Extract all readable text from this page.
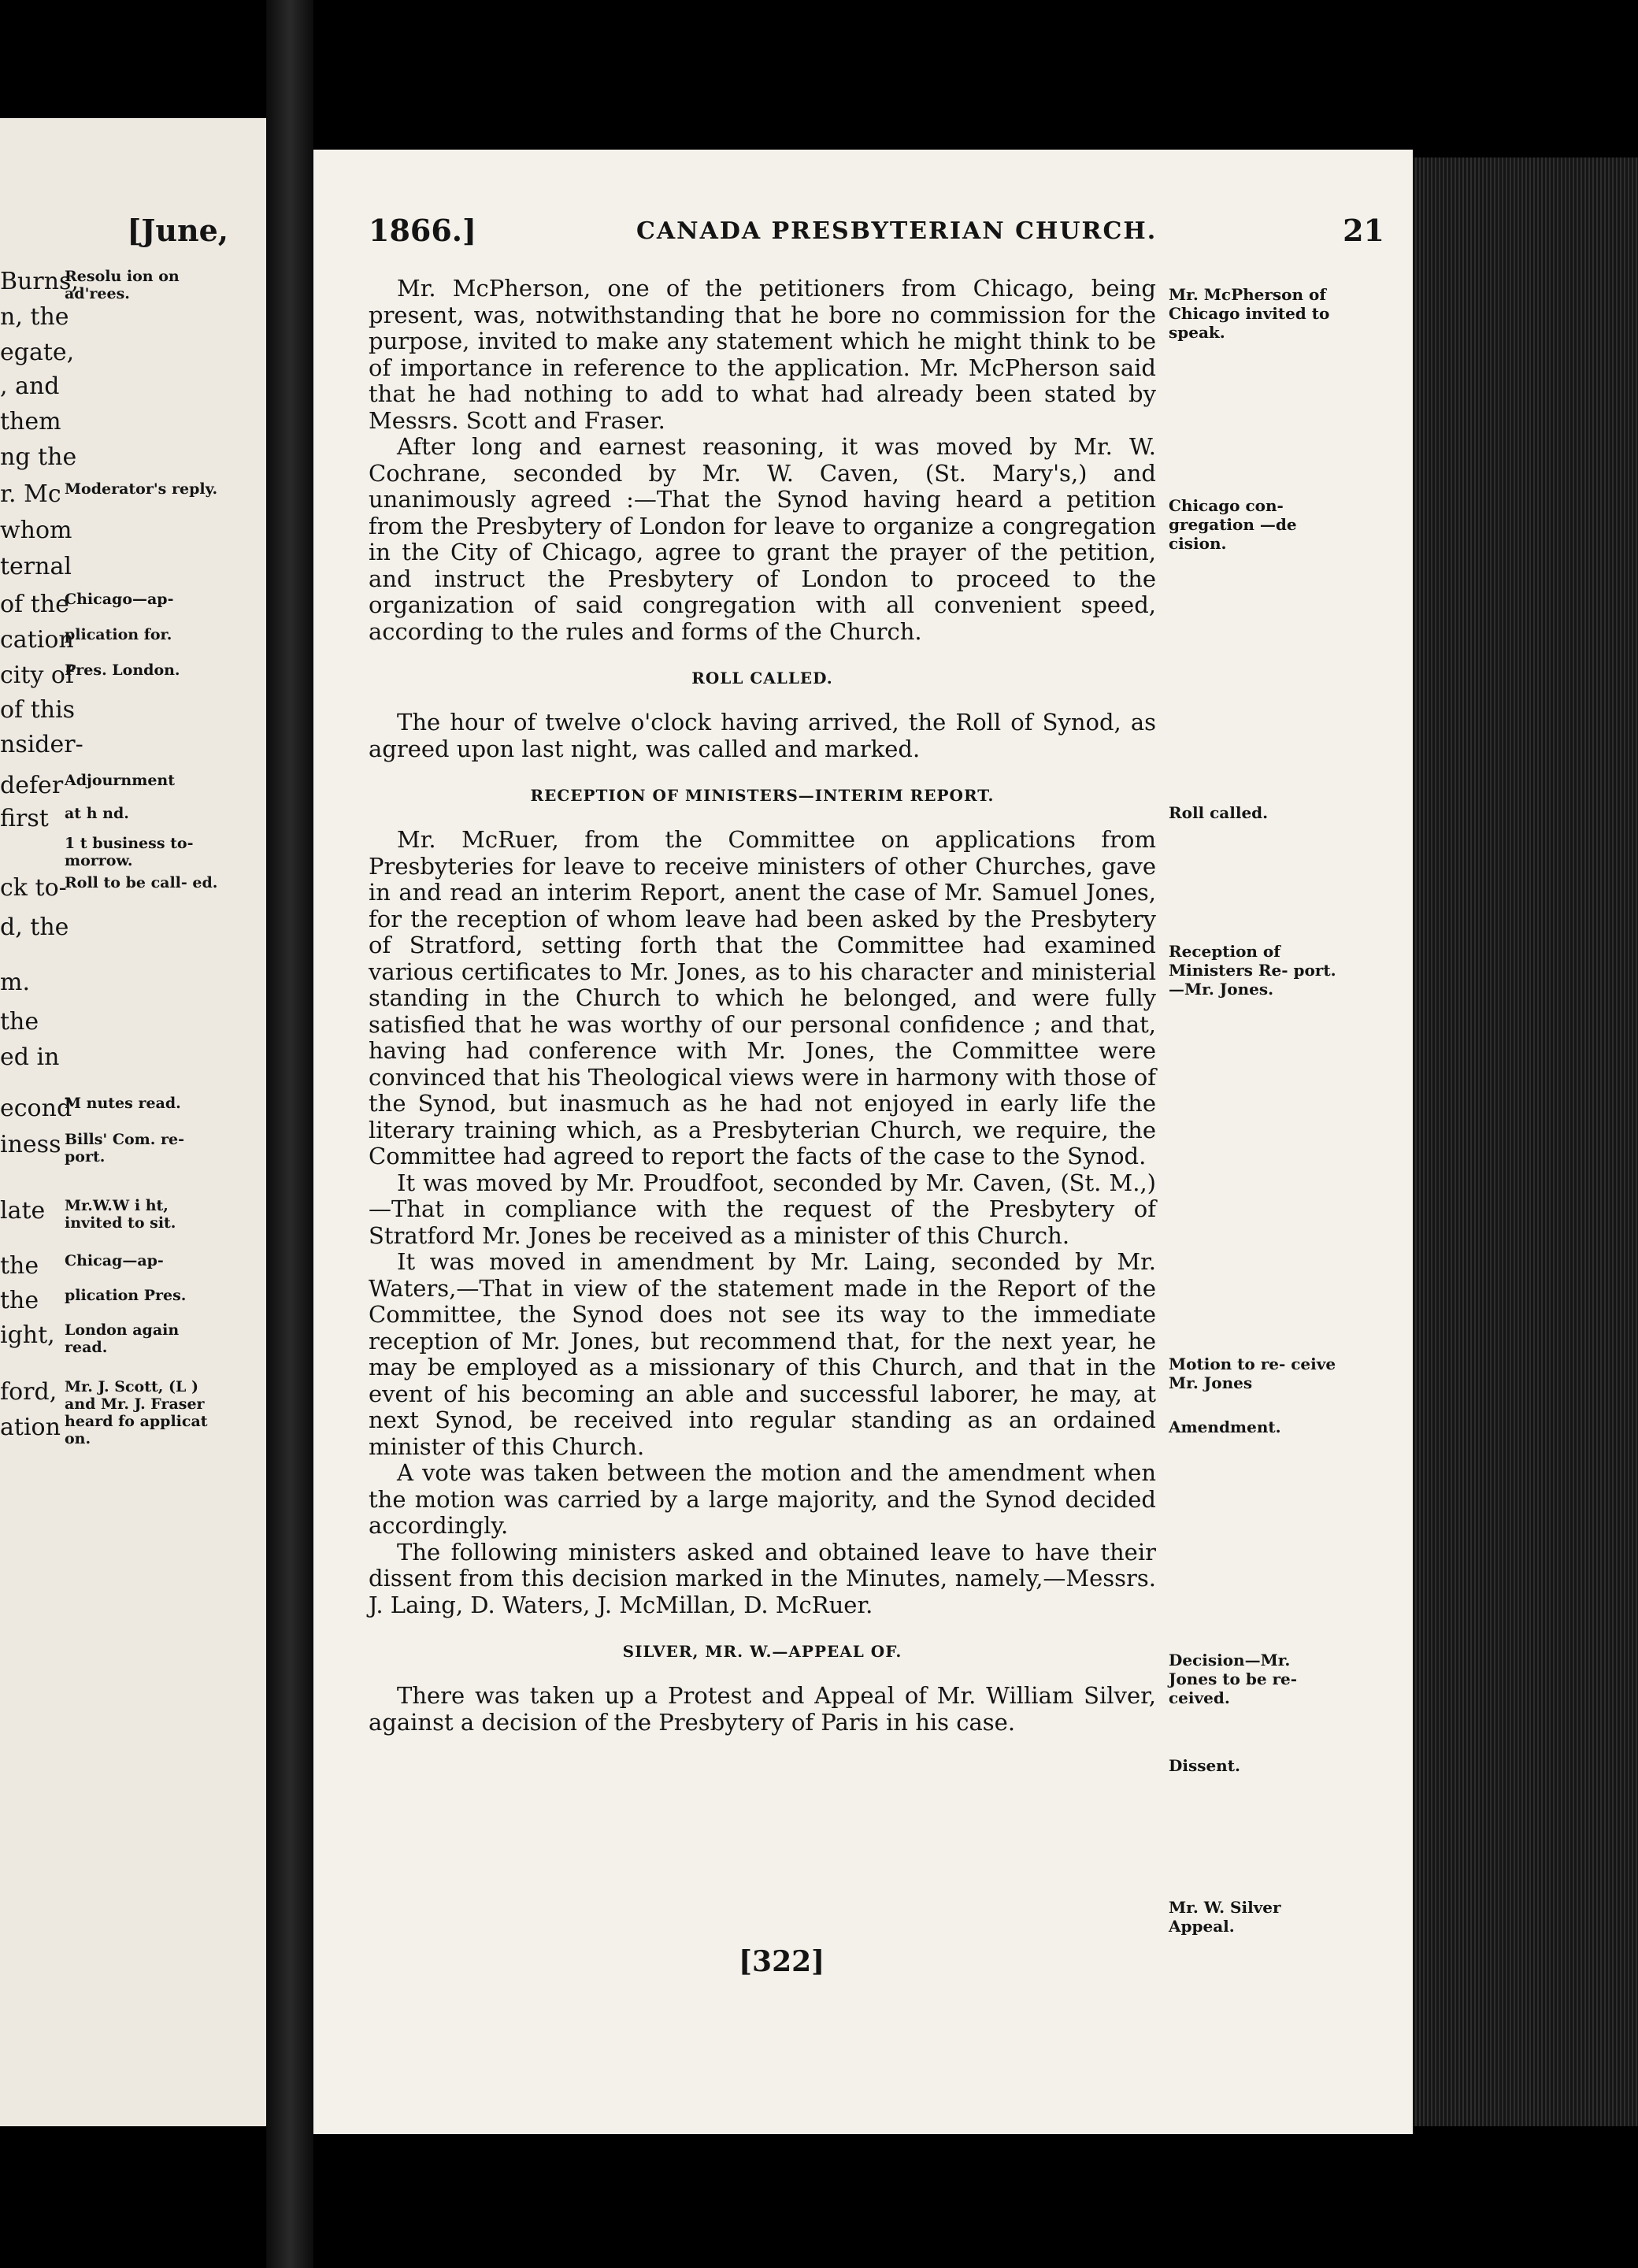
[June,
Burns,
Resolu ion on ad'rees.
n, the
egate,
, and
them
ng the
r. Mc Moderator's reply.
whom
ternal
of the
Chicago—ap-
cation
plication for.
city of
Pres. London.
of this
nsider-
defer Adjournment
first at h nd.
1 t business to- morrow.
ck to-
Roll to be call- ed.
d, the
m.
the
ed in
econd
M nutes read.
iness Bills' Com. re- port.
late Mr.W.W i ht, invited to sit.
the Chicag—ap-
the plication Pres.
ight, London again read.
ford, Mr. J. Scott, (L ) and Mr. J. Fraser heard fo applicat on.
ation
1866.]	CANADA PRESBYTERIAN CHURCH.	21

Mr. McPherson, one of the petitioners from Chicago, being present, was, notwithstanding that he bore no commission for the purpose, invited to make any statement which he might think to be of importance in reference to the application. Mr. McPherson said that he had nothing to add to what had already been stated by Messrs. Scott and Fraser.

After long and earnest reasoning, it was moved by Mr. W. Cochrane, seconded by Mr. W. Caven, (St. Mary's,) and unanimously agreed :—That the Synod having heard a petition from the Presbytery of London for leave to organize a congregation in the City of Chicago, agree to grant the prayer of the petition, and instruct the Presbytery of London to proceed to the organization of said congregation with all convenient speed, according to the rules and forms of the Church.

ROLL CALLED.

The hour of twelve o'clock having arrived, the Roll of Synod, as agreed upon last night, was called and marked.

RECEPTION OF MINISTERS—INTERIM REPORT.

Mr. McRuer, from the Committee on applications from Presbyteries for leave to receive ministers of other Churches, gave in and read an interim Report, anent the case of Mr. Samuel Jones, for the reception of whom leave had been asked by the Presbytery of Stratford, setting forth that the Committee had examined various certificates to Mr. Jones, as to his character and ministerial standing in the Church to which he belonged, and were fully satisfied that he was worthy of our personal confidence ; and that, having had conference with Mr. Jones, the Committee were convinced that his Theological views were in harmony with those of the Synod, but inasmuch as he had not enjoyed in early life the literary training which, as a Presbyterian Church, we require, the Committee had agreed to report the facts of the case to the Synod.

It was moved by Mr. Proudfoot, seconded by Mr. Caven, (St. M.,)—That in compliance with the request of the Presbytery of Stratford Mr. Jones be received as a minister of this Church.

It was moved in amendment by Mr. Laing, seconded by Mr. Waters,—That in view of the statement made in the Report of the Committee, the Synod does not see its way to the immediate reception of Mr. Jones, but recommend that, for the next year, he may be employed as a missionary of this Church, and that in the event of his becoming an able and successful laborer, he may, at next Synod, be received into regular standing as an ordained minister of this Church.

A vote was taken between the motion and the amendment when the motion was carried by a large majority, and the Synod decided accordingly.

The following ministers asked and obtained leave to have their dissent from this decision marked in the Minutes, namely,—Messrs. J. Laing, D. Waters, J. McMillan, D. McRuer.

SILVER, MR. W.—APPEAL OF.

There was taken up a Protest and Appeal of Mr. William Silver, against a decision of the Presbytery of Paris in his case.

Mr. McPherson of Chicago invited to speak.
Chicago con- gregation —de cision.
Roll called.
Reception of Ministers Re- port.—Mr. Jones.
Motion to re- ceive Mr. Jones
Amendment.
Decision—Mr. Jones to be re- ceived.
Dissent.
Mr. W. Silver Appeal.
[322]
